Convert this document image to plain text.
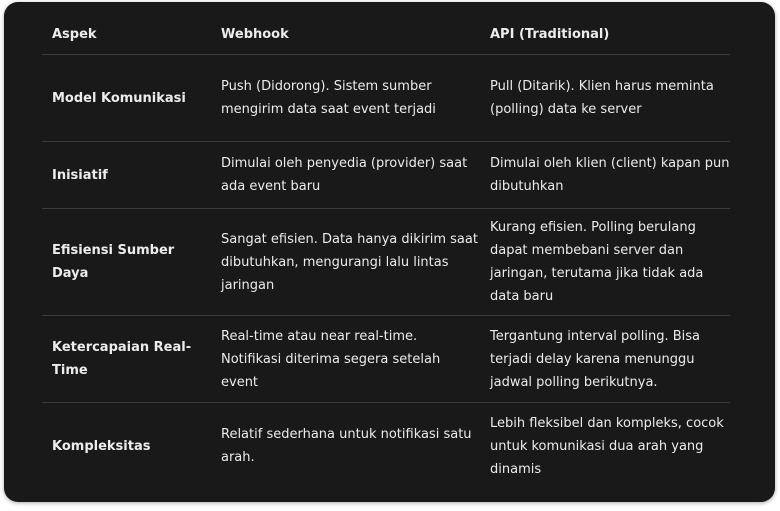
Aspek	Webhook	API (Traditional)
Model Komunikasi	Push (Didorong). Sistem sumber mengirim data saat event terjadi	Pull (Ditarik). Klien harus meminta (polling) data ke server
Inisiatif	Dimulai oleh penyedia (provider) saat ada event baru	Dimulai oleh klien (client) kapan pun dibutuhkan
Efisiensi Sumber Daya	Sangat efisien. Data hanya dikirim saat dibutuhkan, mengurangi lalu lintas jaringan	Kurang efisien. Polling berulang dapat membebani server dan jaringan, terutama jika tidak ada data baru
Ketercapaian Real-Time	Real-time atau near real-time. Notifikasi diterima segera setelah event	Tergantung interval polling. Bisa terjadi delay karena menunggu jadwal polling berikutnya.
Kompleksitas	Relatif sederhana untuk notifikasi satu arah.	Lebih fleksibel dan kompleks, cocok untuk komunikasi dua arah yang dinamis
